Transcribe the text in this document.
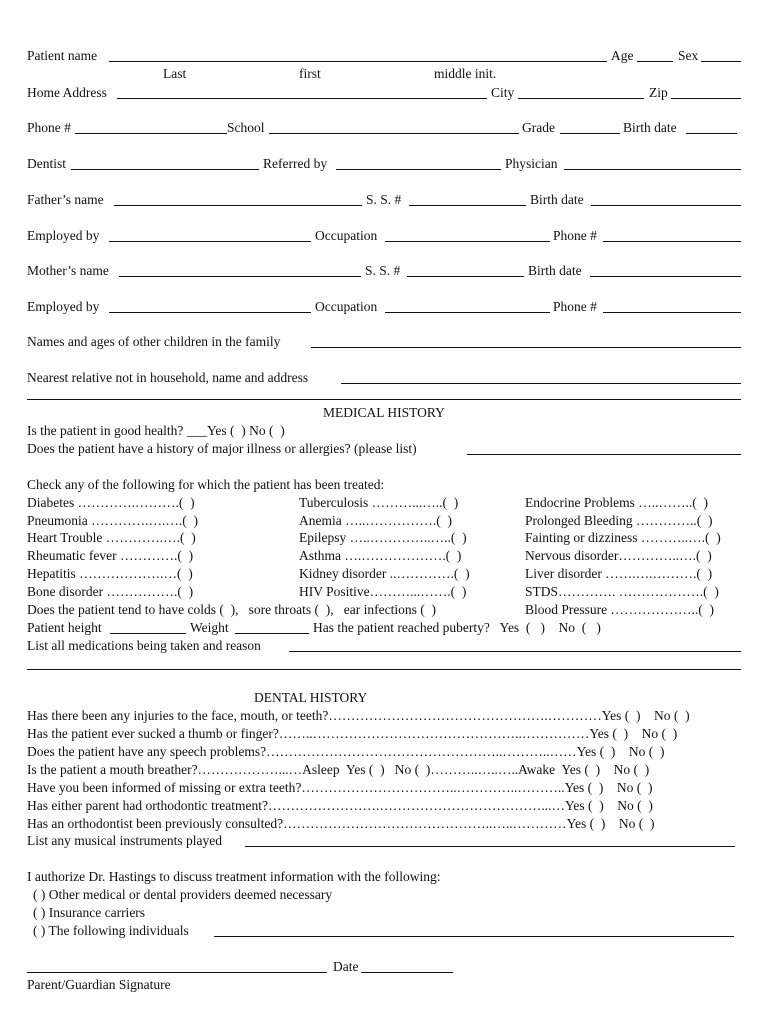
Patient name	Age	Sex
Last	first	middle init.
Home Address	City	Zip
Phone #	School	Grade	Birth date
Dentist	Referred by	Physician
Father’s name	S. S. #	Birth date
Employed by	Occupation	Phone #
Mother’s name	S. S. #	Birth date
Employed by	Occupation	Phone #
Names and ages of other children in the family
Nearest relative not in household, name and address
MEDICAL HISTORY
Is the patient in good health? ___Yes (  ) No (  )
Does the patient have a history of major illness or allergies? (please list)
Check any of the following for which the patient has been treated:
Diabetes ………….……….(  )	Tuberculosis ………...…..(  )	Endocrine Problems …..……..(  )
Pneumonia ………….….….(  )	Anemia …..…………….(  )	Prolonged Bleeding …………..(  )
Heart Trouble ………….….(  )	Epilepsy …..…………..…..(  )	Fainting or dizziness ………..….(  )
Rheumatic fever ………….(  )	Asthma ….……………….(  )	Nervous disorder…………..….(  )
Hepatitis ……………….…(  )	Kidney disorder ..………….(  )	Liver disorder …….….……….(  )
Bone disorder …………….(  )	HIV Positive………...…….(  )	STDS…………. ……………….(  )
Does the patient tend to have colds (  ),   sore throats (  ),   ear infections (  )	Blood Pressure ………………..(  )
Patient height	Weight	Has the patient reached puberty?   Yes  (   )    No  (   )
List all medications being taken and reason
DENTAL HISTORY
Has there been any injuries to the face, mouth, or teeth?………………………………………….…………Yes (  )    No (  )
Has the patient ever sucked a thumb or finger?……..………………………………………..……………Yes (  )    No (  )
Does the patient have any speech problems?……………………………………………..………..……Yes (  )    No (  )
Is the patient a mouth breather?………………...…Asleep  Yes (  )   No (  )………..…..…..Awake  Yes (  )    No (  )
Have you been informed of missing or extra teeth?……………………………..…………..………..Yes (  )    No (  )
Has either parent had orthodontic treatment?…………………….………………………………...…Yes (  )    No (  )
Has an orthodontist been previously consulted?………………………………………..…..…………Yes (  )    No (  )
List any musical instruments played
I authorize Dr. Hastings to discuss treatment information with the following:
( ) Other medical or dental providers deemed necessary
( ) Insurance carriers
( ) The following individuals
Date
Parent/Guardian Signature
